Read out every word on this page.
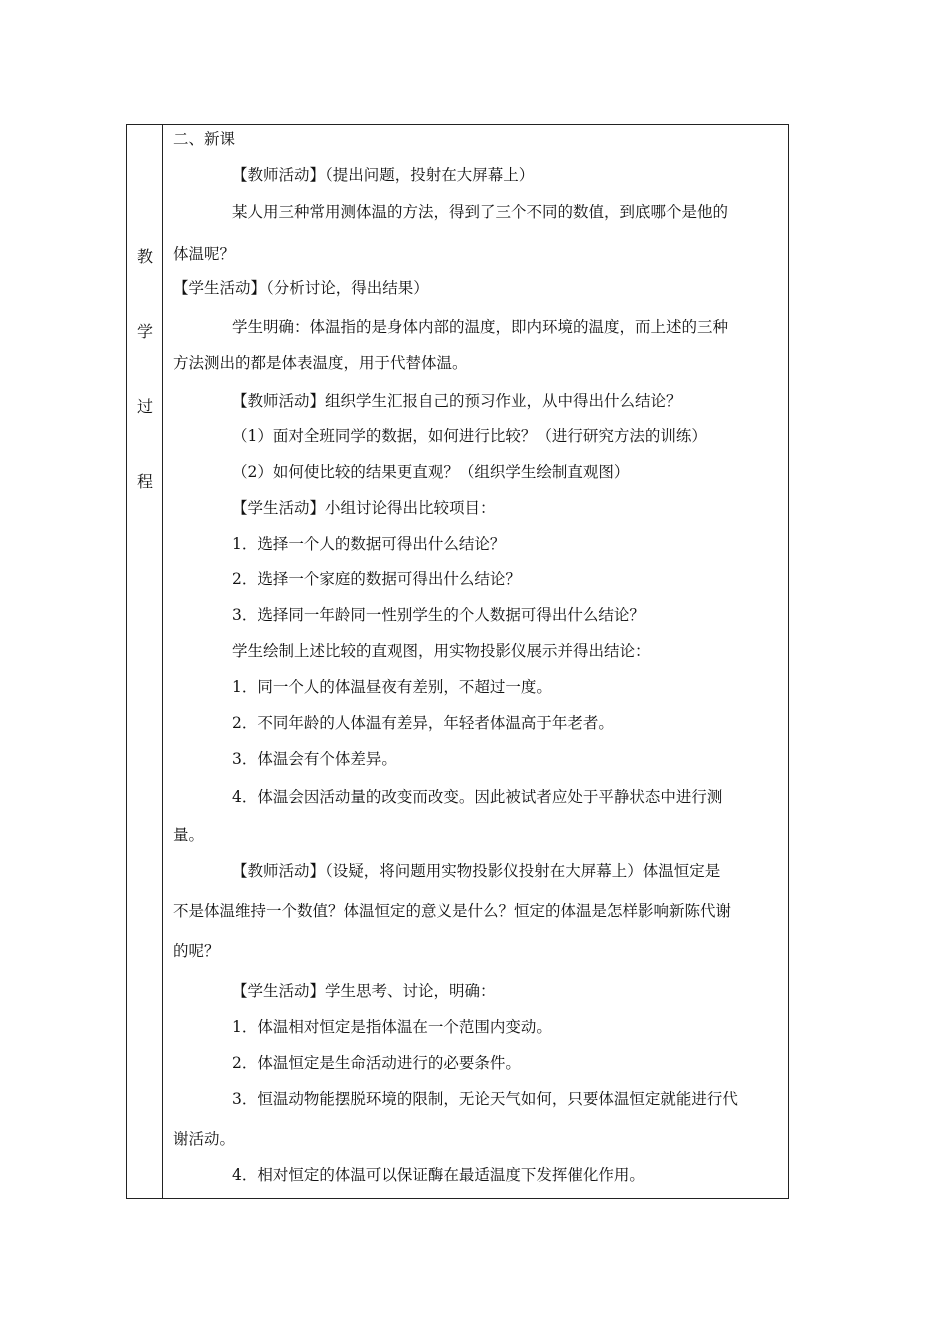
教
学
过
程
二、新课
【教师活动】（提出问题，投射在大屏幕上）
某人用三种常用测体温的方法，得到了三个不同的数值，到底哪个是他的
体温呢？
【学生活动】（分析讨论，得出结果）
学生明确：体温指的是身体内部的温度，即内环境的温度，而上述的三种
方法测出的都是体表温度，用于代替体温。
【教师活动】组织学生汇报自己的预习作业，从中得出什么结论？
（1）面对全班同学的数据，如何进行比较？（进行研究方法的训练）
（2）如何使比较的结果更直观？（组织学生绘制直观图）
【学生活动】小组讨论得出比较项目：
1．选择一个人的数据可得出什么结论？
2．选择一个家庭的数据可得出什么结论？
3．选择同一年龄同一性别学生的个人数据可得出什么结论？
学生绘制上述比较的直观图，用实物投影仪展示并得出结论：
1．同一个人的体温昼夜有差别，不超过一度。
2．不同年龄的人体温有差异，年轻者体温高于年老者。
3．体温会有个体差异。
4．体温会因活动量的改变而改变。因此被试者应处于平静状态中进行测
量。
【教师活动】（设疑，将问题用实物投影仪投射在大屏幕上）体温恒定是
不是体温维持一个数值？体温恒定的意义是什么？恒定的体温是怎样影响新陈代谢
的呢？
【学生活动】学生思考、讨论，明确：
1．体温相对恒定是指体温在一个范围内变动。
2．体温恒定是生命活动进行的必要条件。
3．恒温动物能摆脱环境的限制，无论天气如何，只要体温恒定就能进行代
谢活动。
4．相对恒定的体温可以保证酶在最适温度下发挥催化作用。
